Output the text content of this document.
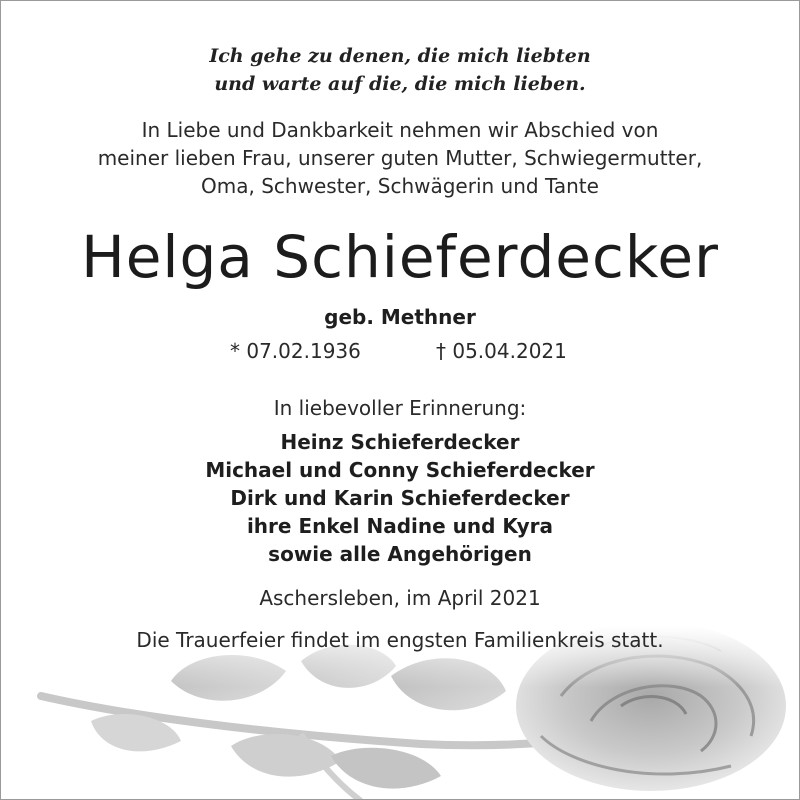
Ich gehe zu denen, die mich liebten
und warte auf die, die mich lieben.
In Liebe und Dankbarkeit nehmen wir Abschied von
meiner lieben Frau, unserer guten Mutter, Schwiegermutter,
Oma, Schwester, Schwägerin und Tante
Helga Schieferdecker
geb. Methner
* 07.02.1936	† 05.04.2021
In liebevoller Erinnerung:
Heinz Schieferdecker
Michael und Conny Schieferdecker
Dirk und Karin Schieferdecker
ihre Enkel Nadine und Kyra
sowie alle Angehörigen
Aschersleben, im April 2021
Die Trauerfeier findet im engsten Familienkreis statt.
